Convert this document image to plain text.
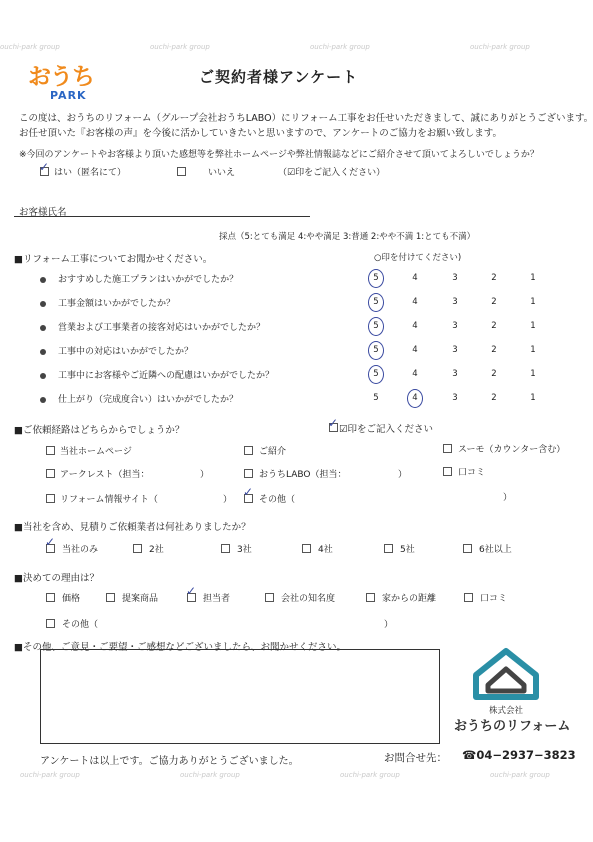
ouchi-park group	ouchi-park group	ouchi-park group	ouchi-park group
ouchi-park group	ouchi-park group	ouchi-park group	ouchi-park group
おうち
PARK
ご契約者様アンケート
この度は、おうちのリフォーム（グループ会社おうちLABO）にリフォーム工事をお任せいただきまして、誠にありがとうございます。
お任せ頂いた『お客様の声』を今後に活かしていきたいと思いますので、アンケートのご協力をお願い致します。
※今回のアンケートやお客様より頂いた感想等を弊社ホームページや弊社情報誌などにご紹介させて頂いてよろしいでしょうか？
✓ はい（匿名にて）	いいえ	（☑印をご記入ください）
お客様氏名
採点（5:とても満足 4:やや満足 3:普通 2:やや不満 1:とても不満）
■リフォーム工事についてお聞かせください。	○印を付けてください)
おすすめした施工プランはいかがでしたか？	5	4	3	2	1
工事金額はいかがでしたか？	5	4	3	2	1
営業および工事業者の接客対応はいかがでしたか？	5	4	3	2	1
工事中の対応はいかがでしたか？	5	4	3	2	1
工事中にお客様やご近隣への配慮はいかがでしたか？	5	4	3	2	1
仕上がり（完成度合い）はいかがでしたか？	5	4	3	2	1
■ご依頼経路はどちらからでしょうか？
✓ ☑印をご記入ください
当社ホームページ	ご紹介	スーモ（カウンター含む）
アークレスト（担当：	）	おうちLABO（担当：	）	口コミ
リフォーム情報サイト（	）
✓
その他（	）
■当社を含め、見積りご依頼業者は何社ありましたか？
✓
当社のみ	2社	3社	4社	5社	6社以上
■決めての理由は？
価格	提案商品
✓
担当者	会社の知名度	家からの距離	口コミ
その他（	）
■その他、ご意見・ご要望・ご感想などございましたら、お聞かせください。
株式会社
おうちのリフォーム
アンケートは以上です。ご協力ありがとうございました。	お問合せ先： ☎04−2937−3823
